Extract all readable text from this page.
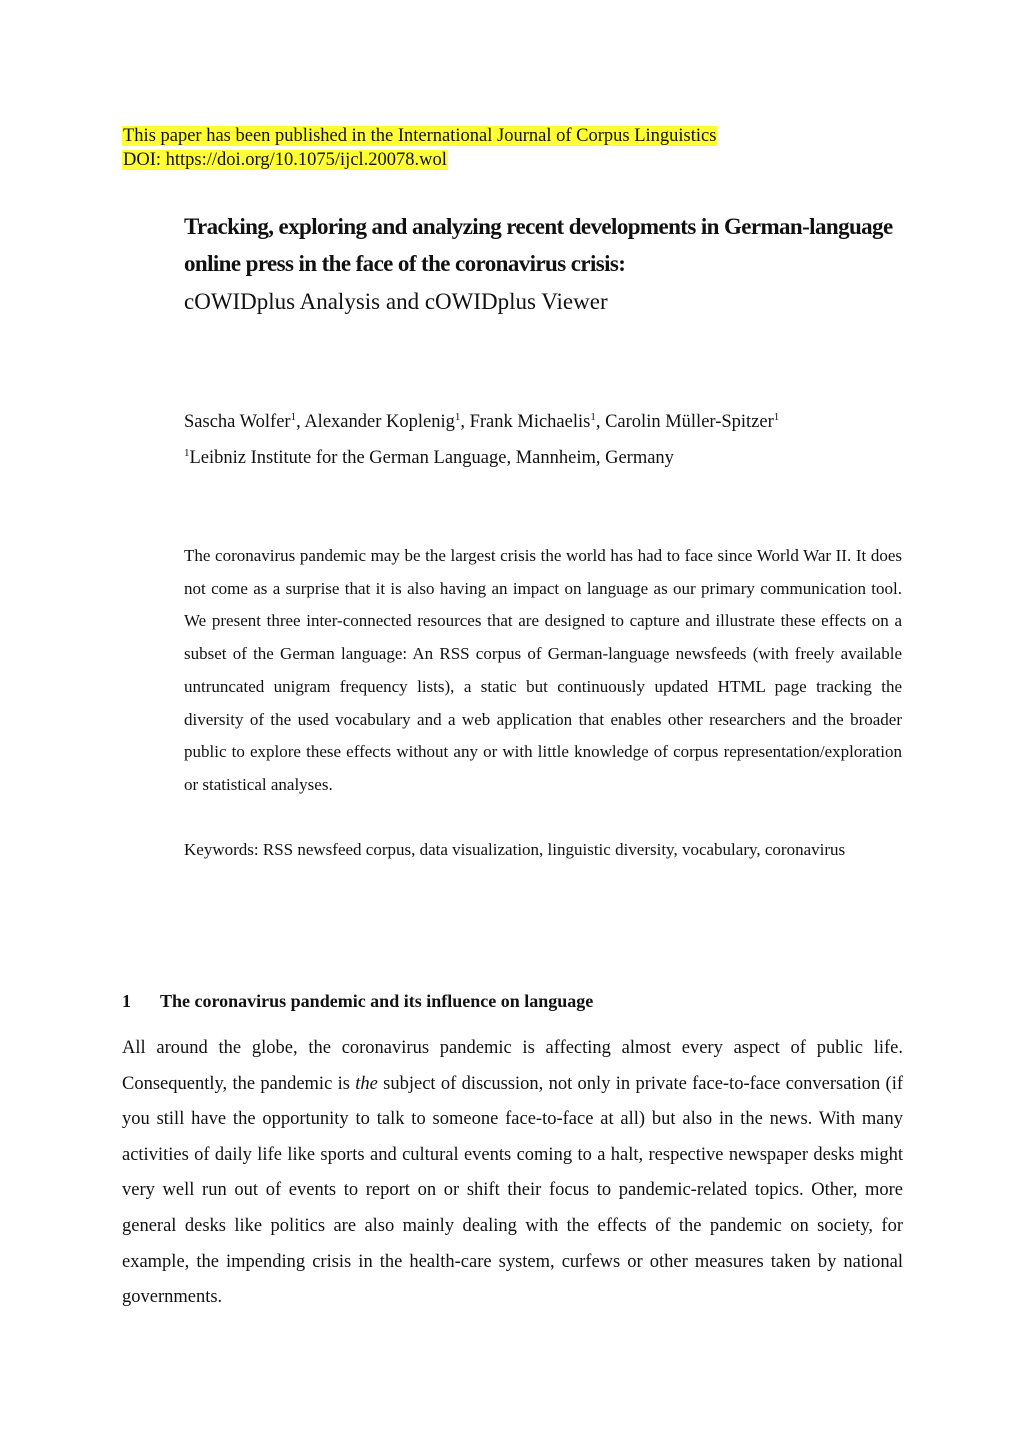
This paper has been published in the International Journal of Corpus Linguistics
DOI: https://doi.org/10.1075/ijcl.20078.wol

Tracking, exploring and analyzing recent developments in German-language
online press in the face of the coronavirus crisis:

cOWIDplus Analysis and cOWIDplus Viewer

Sascha Wolfer$^1$, Alexander Koplenig$^1$, Frank Michaelis$^1$, Carolin Müller-Spitzer$^1$
$^1$Leibniz Institute for the German Language, Mannheim, Germany

The coronavirus pandemic may be the largest crisis the world has had to face since World War II. It does not come as a surprise that it is also having an impact on language as our primary communication tool. We present three inter-connected resources that are designed to capture and illustrate these effects on a subset of the German language: An RSS corpus of German-language newsfeeds (with freely available untruncated unigram frequency lists), a static but continuously updated HTML page tracking the diversity of the used vocabulary and a web application that enables other researchers and the broader public to explore these effects without any or with little knowledge of corpus representation/exploration or statistical analyses.

Keywords: RSS newsfeed corpus, data visualization, linguistic diversity, vocabulary, coronavirus

1 The coronavirus pandemic and its influence on language

All around the globe, the coronavirus pandemic is affecting almost every aspect of public life. Consequently, the pandemic is the subject of discussion, not only in private face-to-face conversation (if you still have the opportunity to talk to someone face-to-face at all) but also in the news. With many activities of daily life like sports and cultural events coming to a halt, respective newspaper desks might very well run out of events to report on or shift their focus to pandemic-related topics. Other, more general desks like politics are also mainly dealing with the effects of the pandemic on society, for example, the impending crisis in the health-care system, curfews or other measures taken by national governments.
